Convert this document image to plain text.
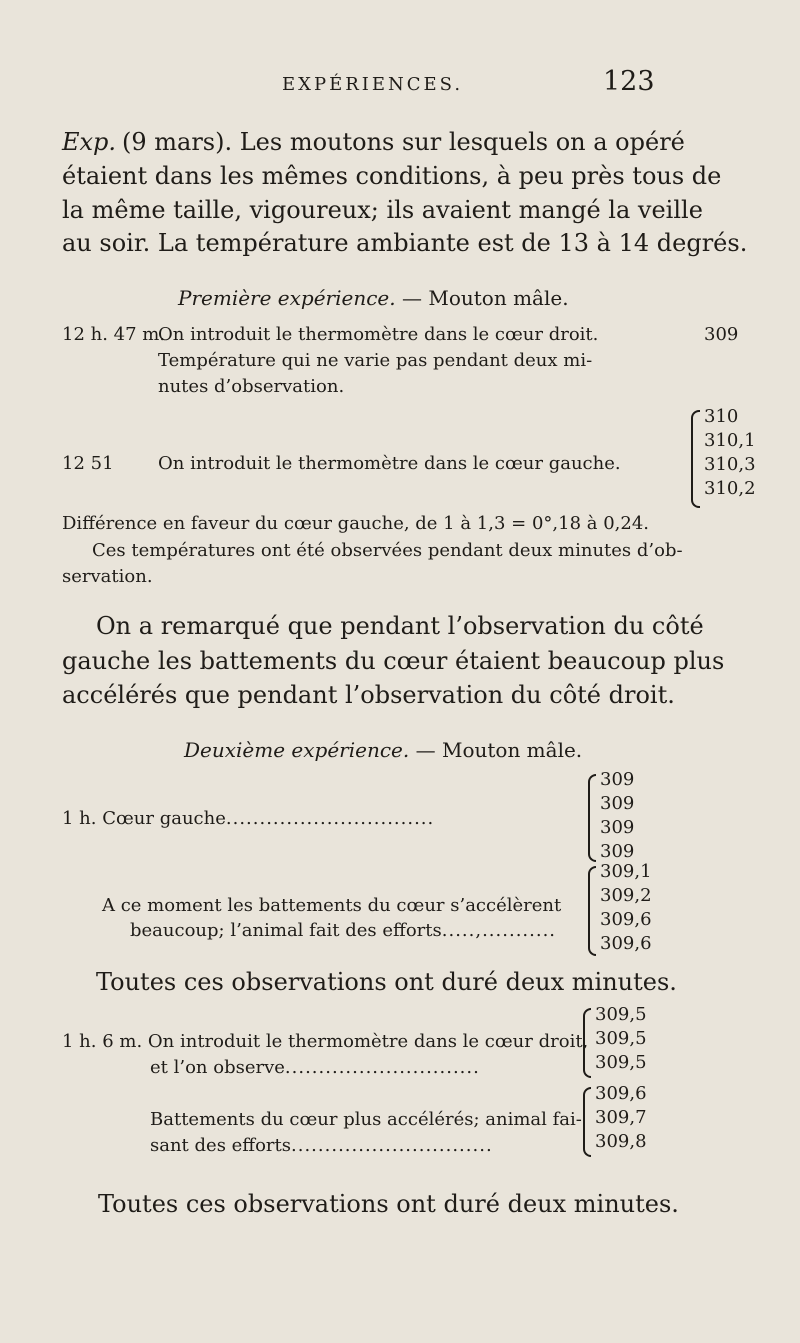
EXPÉRIENCES.	123
Exp. (9 mars). Les moutons sur lesquels on a opéré
étaient dans les mêmes conditions, à peu près tous de
la même taille, vigoureux; ils avaient mangé la veille
au soir. La température ambiante est de 13 à 14 degrés.
Première expérience. — Mouton mâle.
12 h. 47 m.
On introduit le thermomètre dans le cœur droit.	309
Température qui ne varie pas pendant deux mi-
nutes d’observation.
12 51 On introduit le thermomètre dans le cœur gauche.
310
310,1
310,3
310,2
Différence en faveur du cœur gauche, de 1 à 1,3 = 0°,18 à 0,24.
Ces températures ont été observées pendant deux minutes d’ob-
servation.
On a remarqué que pendant l’observation du côté
gauche les battements du cœur étaient beaucoup plus
accélérés que pendant l’observation du côté droit.
Deuxième expérience. — Mouton mâle.
1 h. Cœur gauche...............................
309
309
309
309
A ce moment les battements du cœur s’accélèrent
beaucoup; l’animal fait des efforts.....,...........
309,1
309,2
309,6
309,6
Toutes ces observations ont duré deux minutes.
1 h. 6 m. On introduit le thermomètre dans le cœur droit,
et l’on observe.............................
309,5
309,5
309,5
Battements du cœur plus accélérés; animal fai-
sant des efforts..............................
309,6
309,7
309,8
Toutes ces observations ont duré deux minutes.
